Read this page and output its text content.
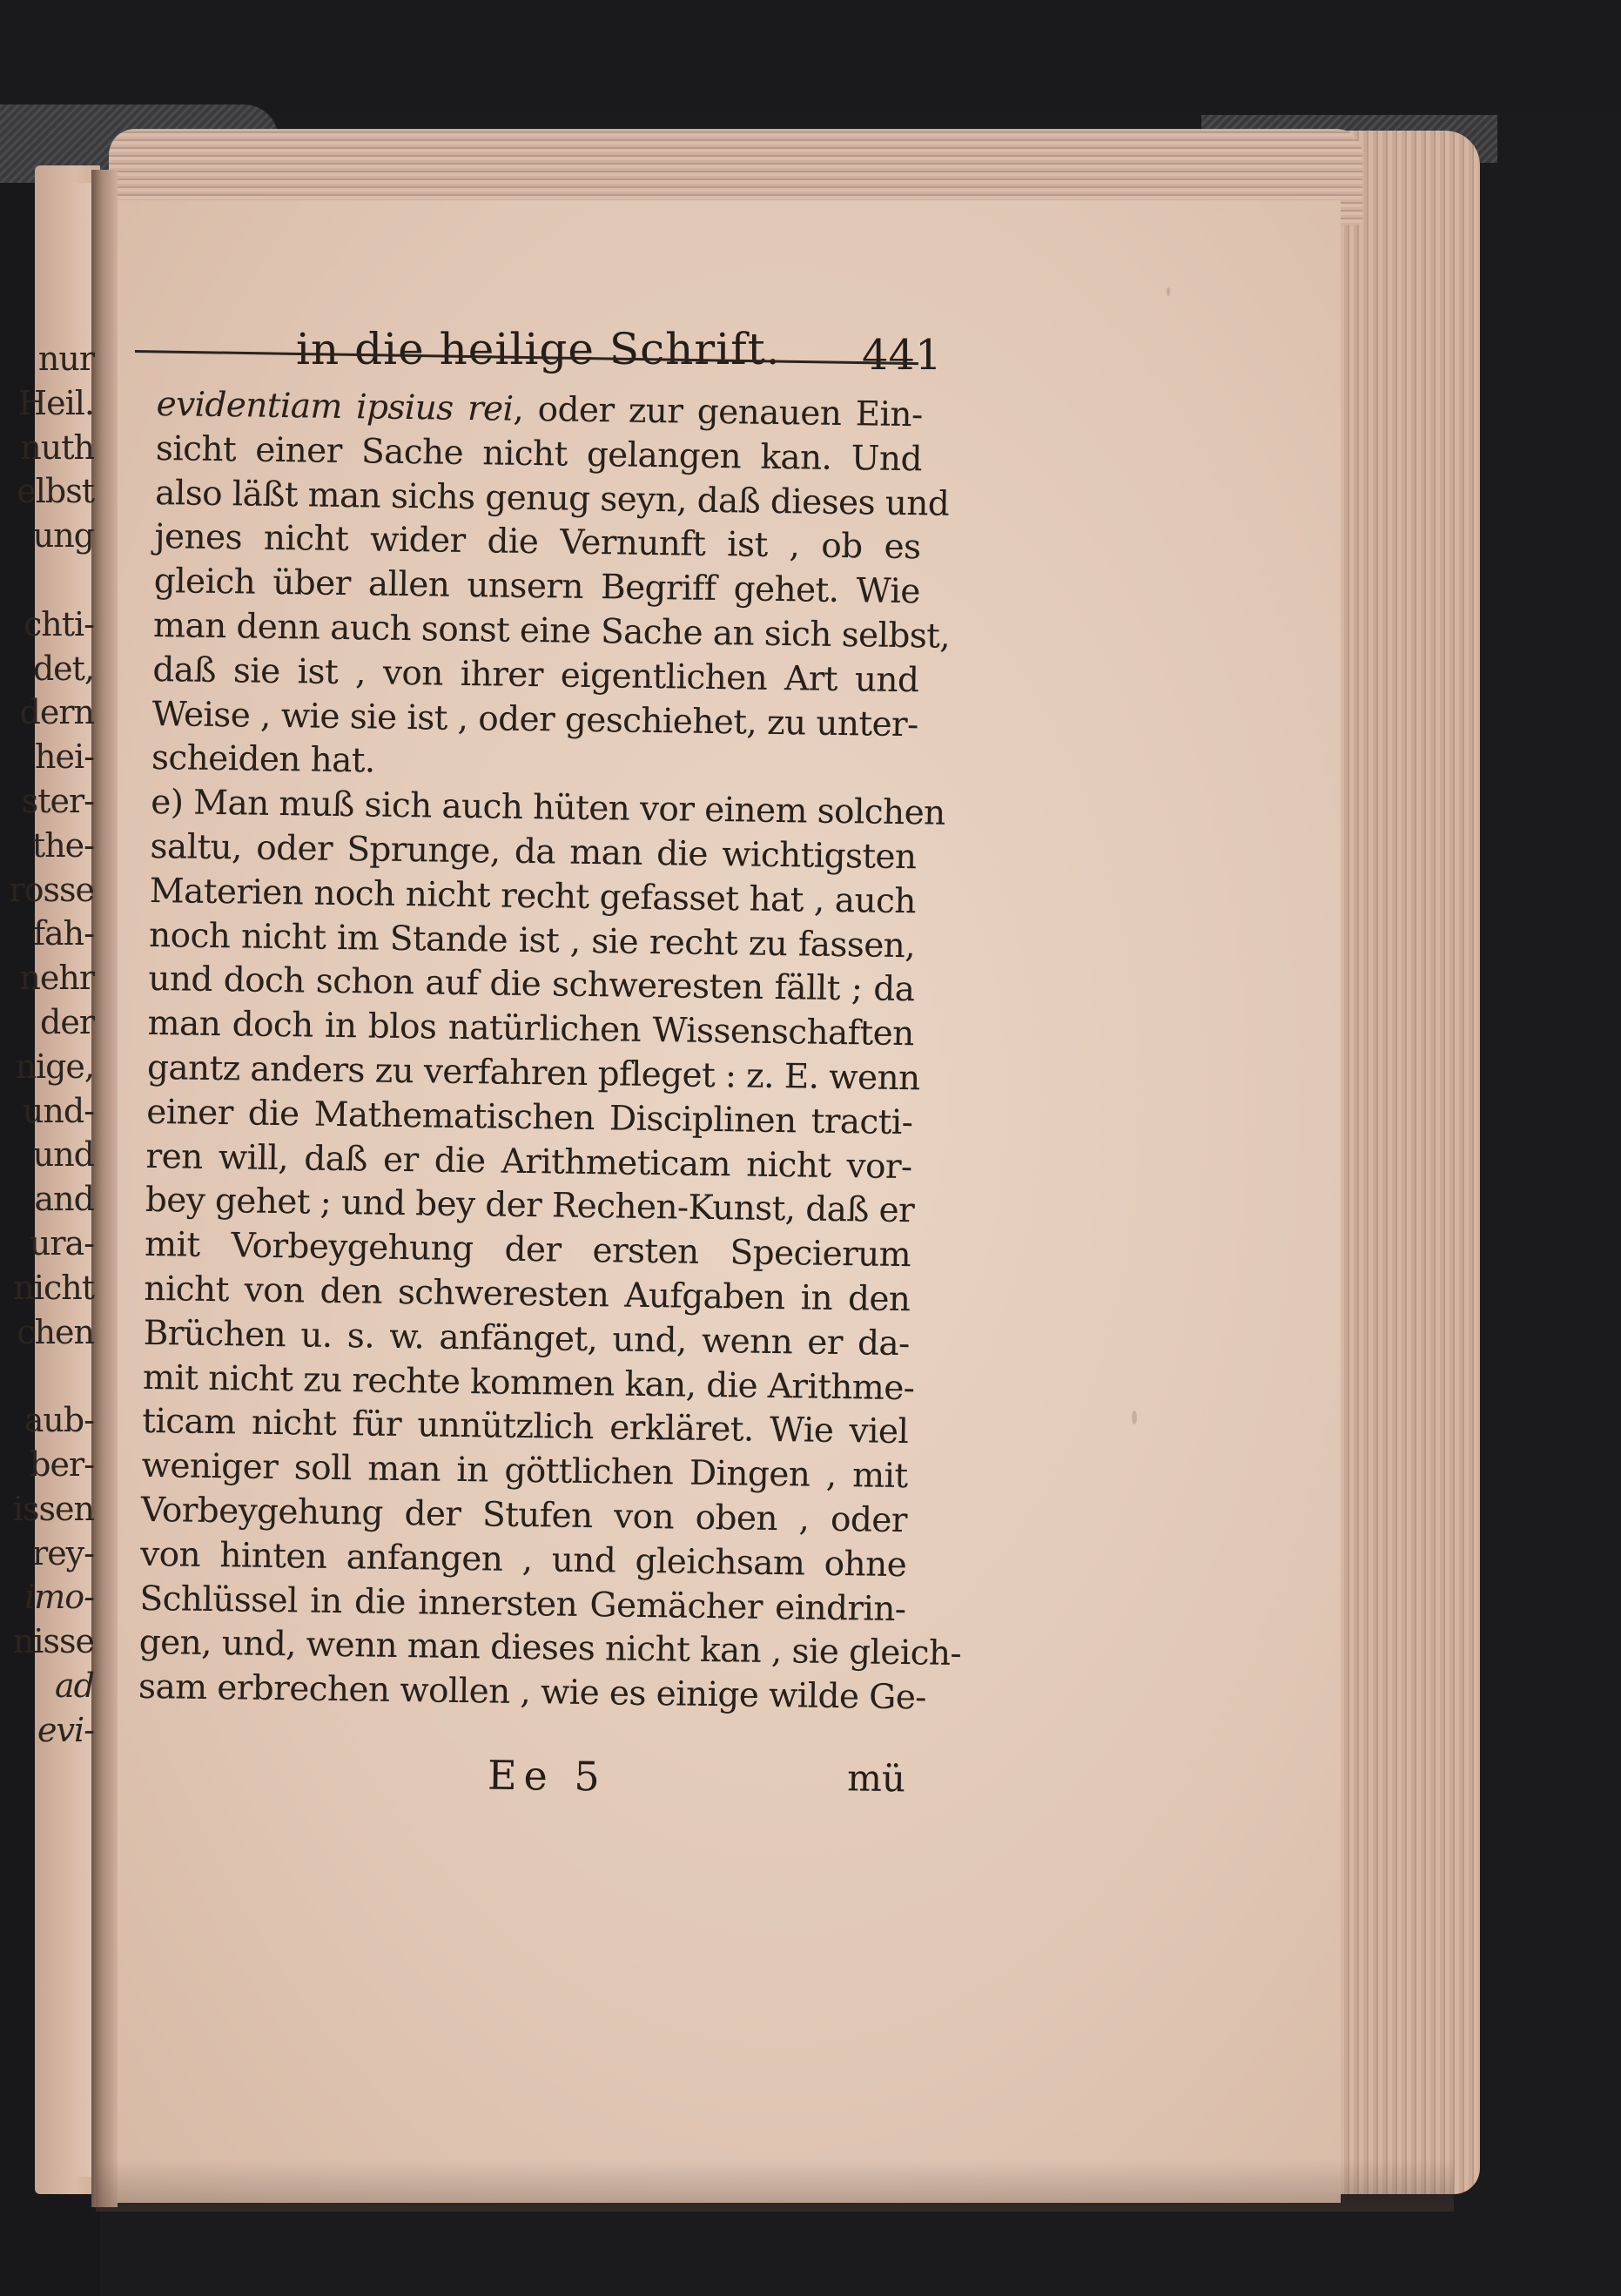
nur
Heil.
nuth
elbst
ung
chti-
det,
dern
hei-
ster-
the-
rosse
fah-
nehr
der
nige,
und-
und
and
ura-
nicht
chen
aub-
ber-
issen
rey-
imo-
nisse
ad
evi-
in die heilige Schrift. 441
evidentiam ipsius rei, oder zur genauen Ein-
sicht einer Sache nicht gelangen kan. Und
also läßt man sichs genug seyn, daß dieses und
jenes nicht wider die Vernunft ist , ob es
gleich über allen unsern Begriff gehet. Wie
man denn auch sonst eine Sache an sich selbst,
daß sie ist , von ihrer eigentlichen Art und
Weise , wie sie ist , oder geschiehet, zu unter-
scheiden hat.
e) Man muß sich auch hüten vor einem solchen
saltu, oder Sprunge, da man die wichtigsten
Materien noch nicht recht gefasset hat , auch
noch nicht im Stande ist , sie recht zu fassen,
und doch schon auf die schweresten fällt ; da
man doch in blos natürlichen Wissenschaften
gantz anders zu verfahren pfleget : z. E. wenn
einer die Mathematischen Disciplinen tracti-
ren will, daß er die Arithmeticam nicht vor-
bey gehet ; und bey der Rechen-Kunst, daß er
mit Vorbeygehung der ersten Specierum
nicht von den schweresten Aufgaben in den
Brüchen u. s. w. anfänget, und, wenn er da-
mit nicht zu rechte kommen kan, die Arithme-
ticam nicht für unnützlich erkläret. Wie viel
weniger soll man in göttlichen Dingen , mit
Vorbeygehung der Stufen von oben , oder
von hinten anfangen , und gleichsam ohne
Schlüssel in die innersten Gemächer eindrin-
gen, und, wenn man dieses nicht kan , sie gleich-
sam erbrechen wollen , wie es einige wilde Ge-
Ee 5	mü
